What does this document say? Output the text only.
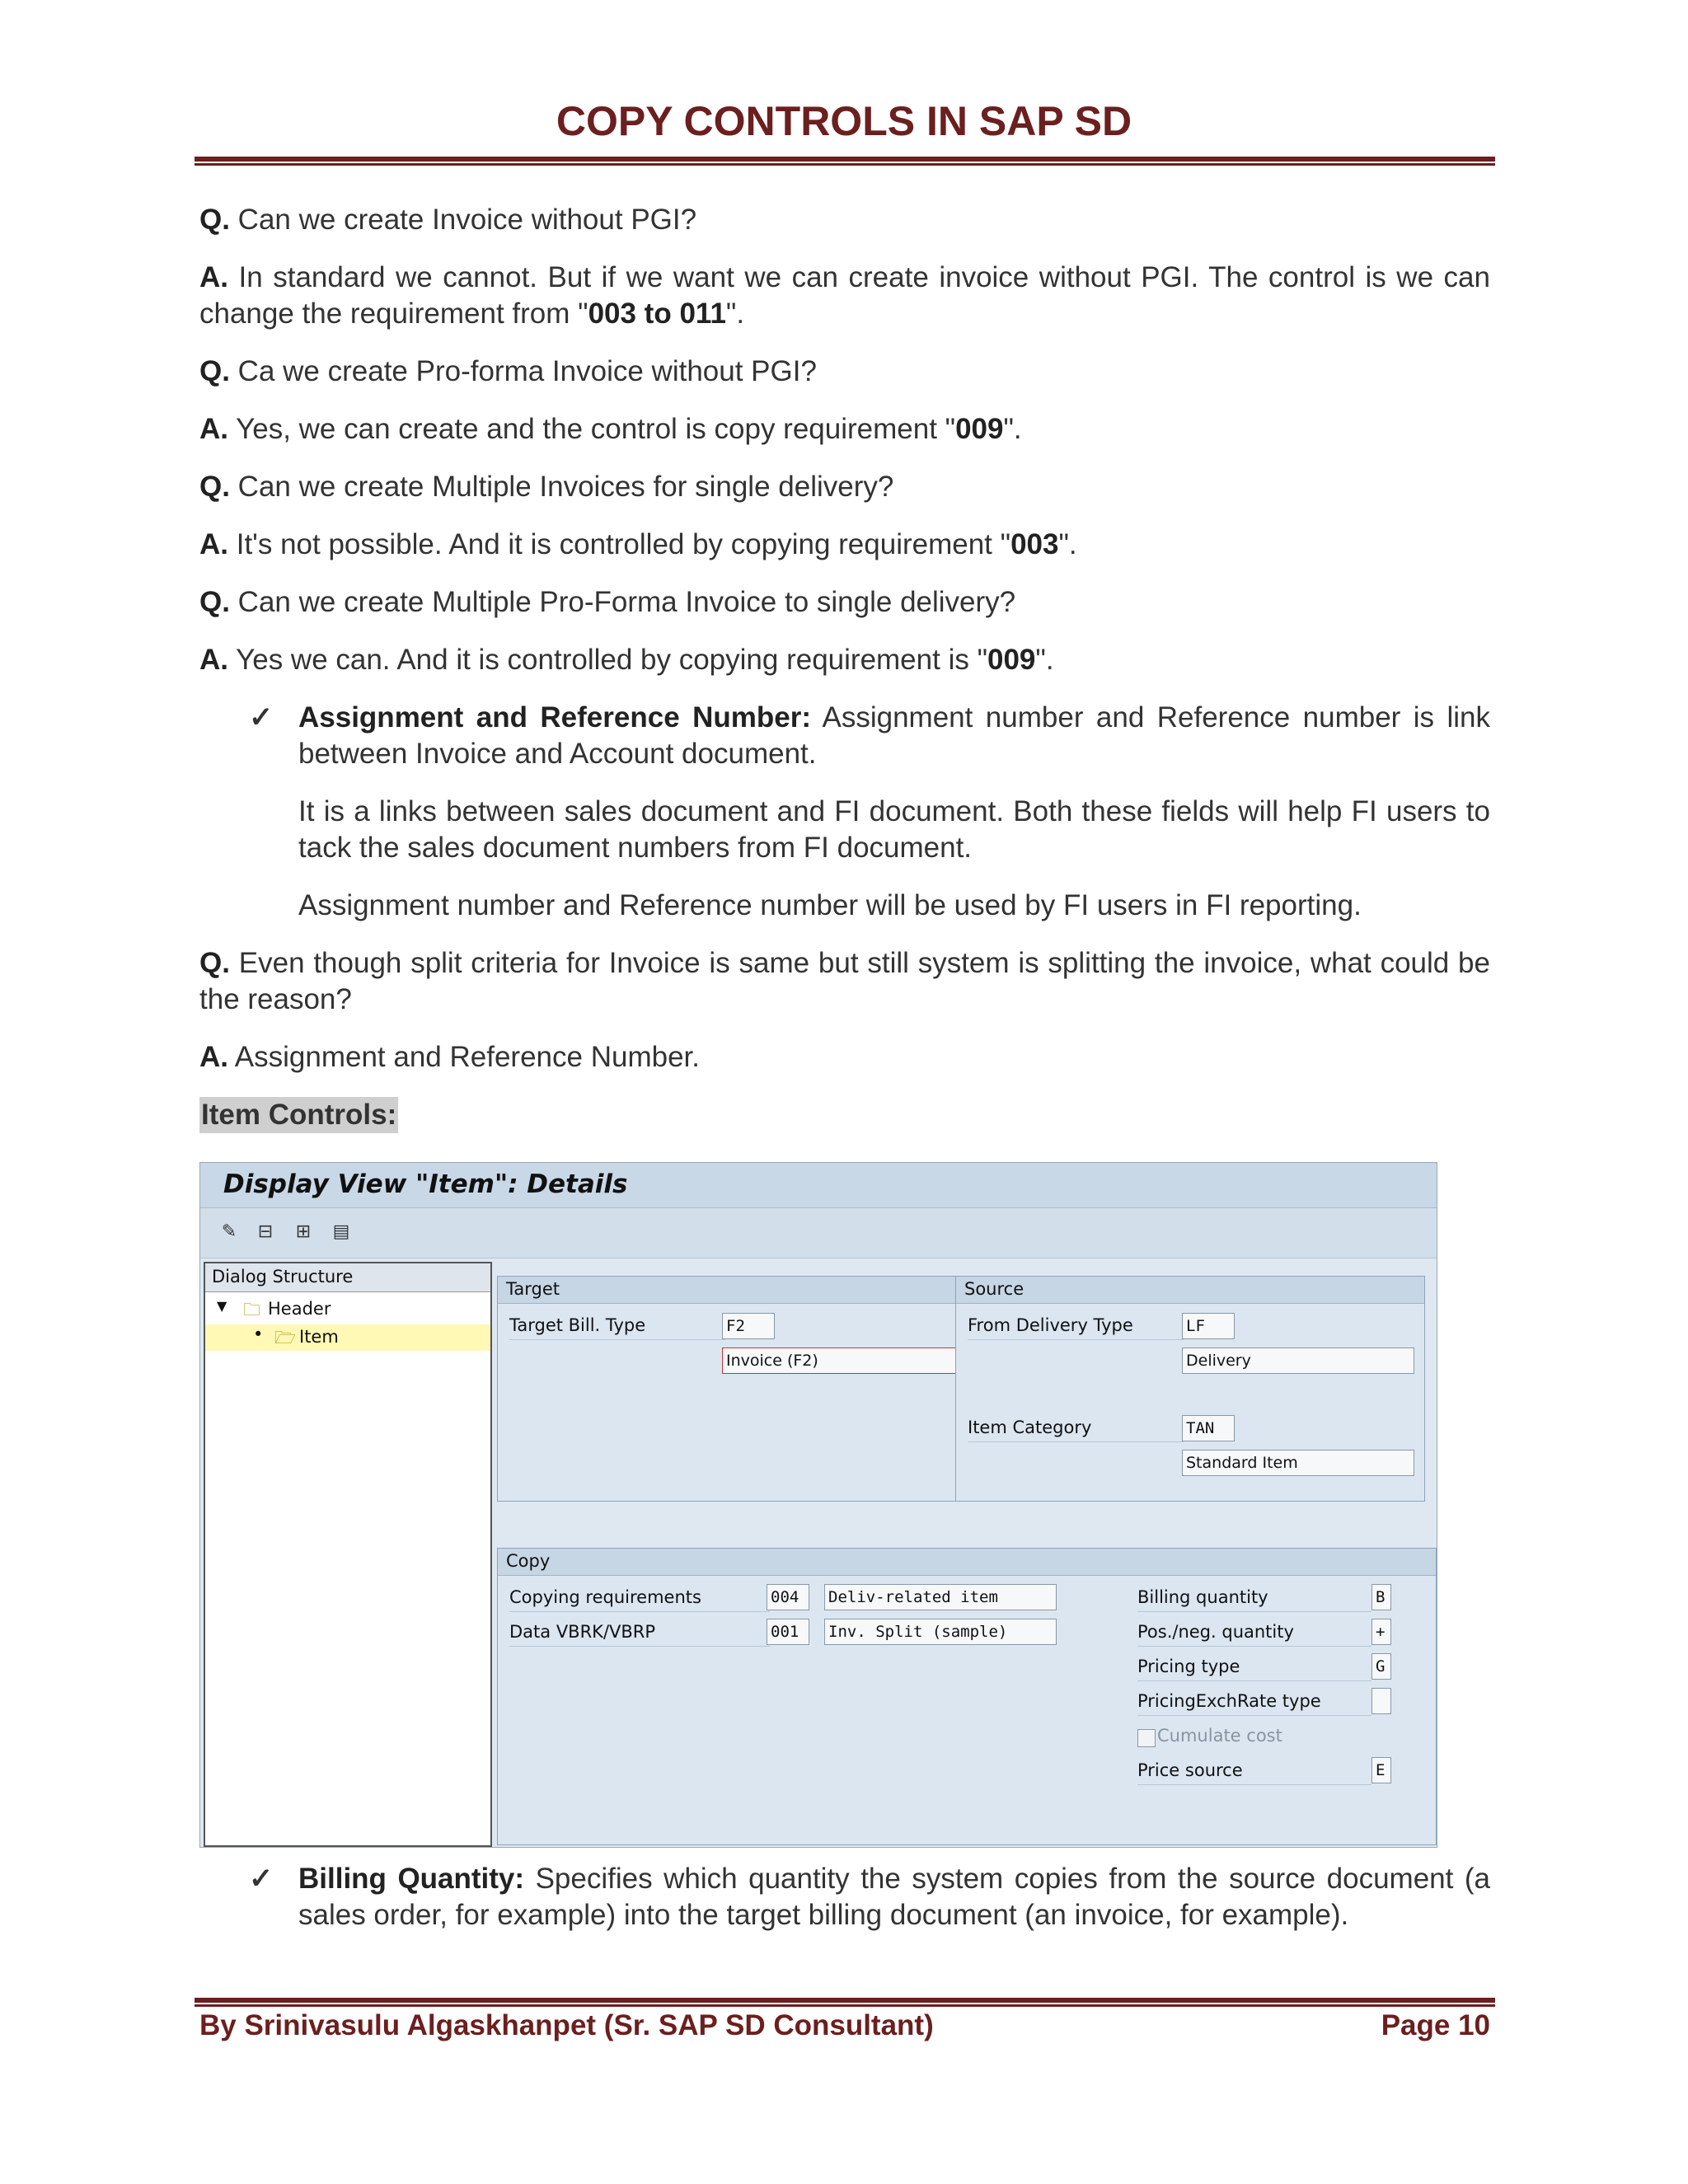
COPY CONTROLS IN SAP SD

Q. Can we create Invoice without PGI?

A. In standard we cannot. But if we want we can create invoice without PGI. The control is we can change the requirement from "003 to 011".

Q. Ca we create Pro-forma Invoice without PGI?

A. Yes, we can create and the control is copy requirement "009".

Q. Can we create Multiple Invoices for single delivery?

A. It's not possible. And it is controlled by copying requirement "003".

Q. Can we create Multiple Pro-Forma Invoice to single delivery?

A. Yes we can. And it is controlled by copying requirement is "009".

✓ Assignment and Reference Number: Assignment number and Reference number is link between Invoice and Account document.

It is a links between sales document and FI document. Both these fields will help FI users to tack the sales document numbers from FI document.

Assignment number and Reference number will be used by FI users in FI reporting.

Q. Even though split criteria for Invoice is same but still system is splitting the invoice, what could be the reason?

A. Assignment and Reference Number.

Item Controls:

Display View "Item": Details
✎ ⊟ ⊞ ▤
Dialog Structure
▼ 🗀 Header
• 🗁 Item
Target
Target Bill. Type	F2
Invoice (F2)
Source
From Delivery Type	LF
Delivery
Item Category	TAN
Standard Item
Copy
Copying requirements	004	Deliv-related item
Data VBRK/VBRP	001	Inv. Split (sample)
Billing quantity	B
Pos./neg. quantity	+
Pricing type	G
PricingExchRate type
Cumulate cost
Price source	E

✓ Billing Quantity: Specifies which quantity the system copies from the source document (a sales order, for example) into the target billing document (an invoice, for example).

By Srinivasulu Algaskhanpet (Sr. SAP SD Consultant)	Page 10
